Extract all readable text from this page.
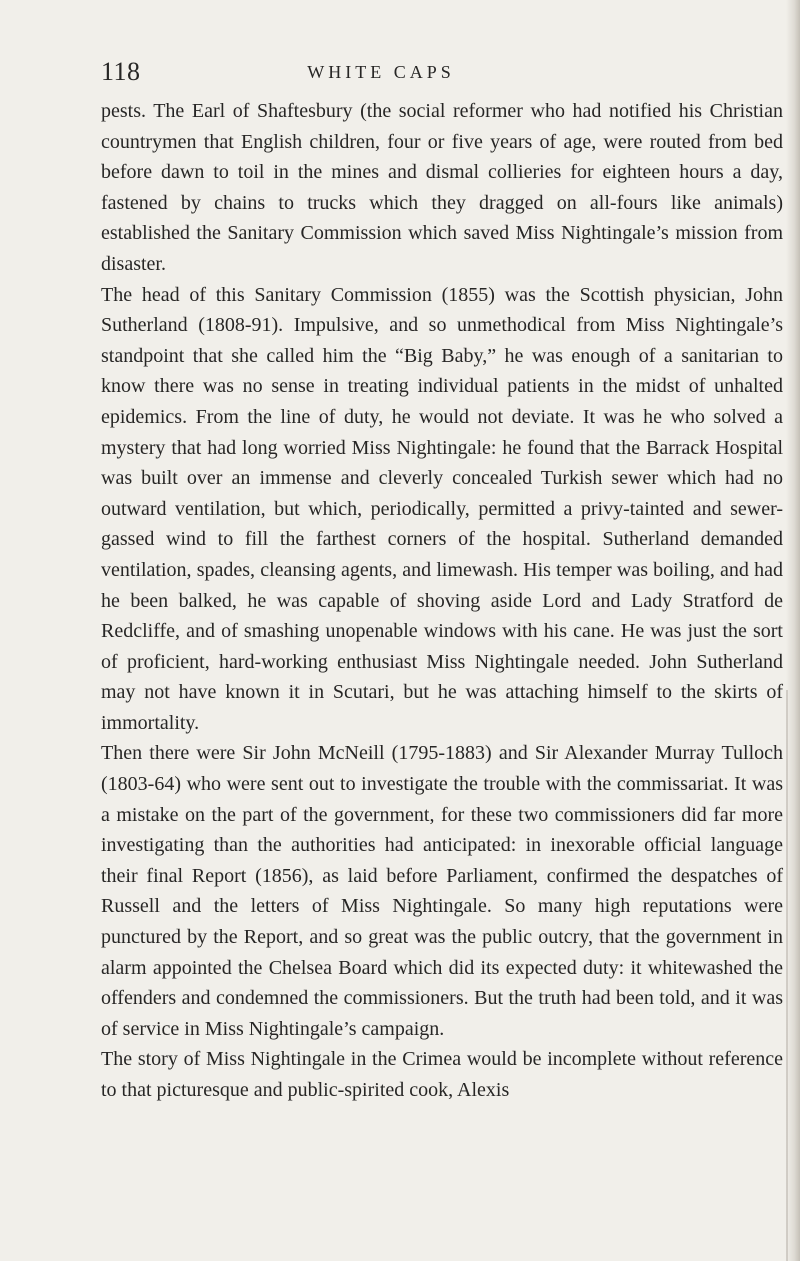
118	WHITE CAPS

pests. The Earl of Shaftesbury (the social reformer who had notified his Christian countrymen that English children, four or five years of age, were routed from bed before dawn to toil in the mines and dismal collieries for eighteen hours a day, fastened by chains to trucks which they dragged on all-fours like animals) established the Sanitary Commission which saved Miss Nightingale’s mission from disaster.

The head of this Sanitary Commission (1855) was the Scottish physician, John Sutherland (1808-91). Impulsive, and so unmethodical from Miss Nightingale’s standpoint that she called him the “Big Baby,” he was enough of a sanitarian to know there was no sense in treating individual patients in the midst of unhalted epidemics. From the line of duty, he would not deviate. It was he who solved a mystery that had long worried Miss Nightingale: he found that the Barrack Hospital was built over an immense and cleverly concealed Turkish sewer which had no outward ventilation, but which, periodically, permitted a privy-tainted and sewer-gassed wind to fill the farthest corners of the hospital. Sutherland demanded ventilation, spades, cleansing agents, and limewash. His temper was boiling, and had he been balked, he was capable of shoving aside Lord and Lady Stratford de Redcliffe, and of smashing unopenable windows with his cane. He was just the sort of proficient, hard-working enthusiast Miss Nightingale needed. John Sutherland may not have known it in Scutari, but he was attaching himself to the skirts of immortality.

Then there were Sir John McNeill (1795-1883) and Sir Alexander Murray Tulloch (1803-64) who were sent out to investigate the trouble with the commissariat. It was a mistake on the part of the government, for these two commissioners did far more investigating than the authorities had anticipated: in inexorable official language their final Report (1856), as laid before Parliament, confirmed the despatches of Russell and the letters of Miss Nightingale. So many high reputations were punctured by the Report, and so great was the public outcry, that the government in alarm appointed the Chelsea Board which did its expected duty: it whitewashed the offenders and condemned the commissioners. But the truth had been told, and it was of service in Miss Nightingale’s campaign.

The story of Miss Nightingale in the Crimea would be incomplete without reference to that picturesque and public-spirited cook, Alexis
